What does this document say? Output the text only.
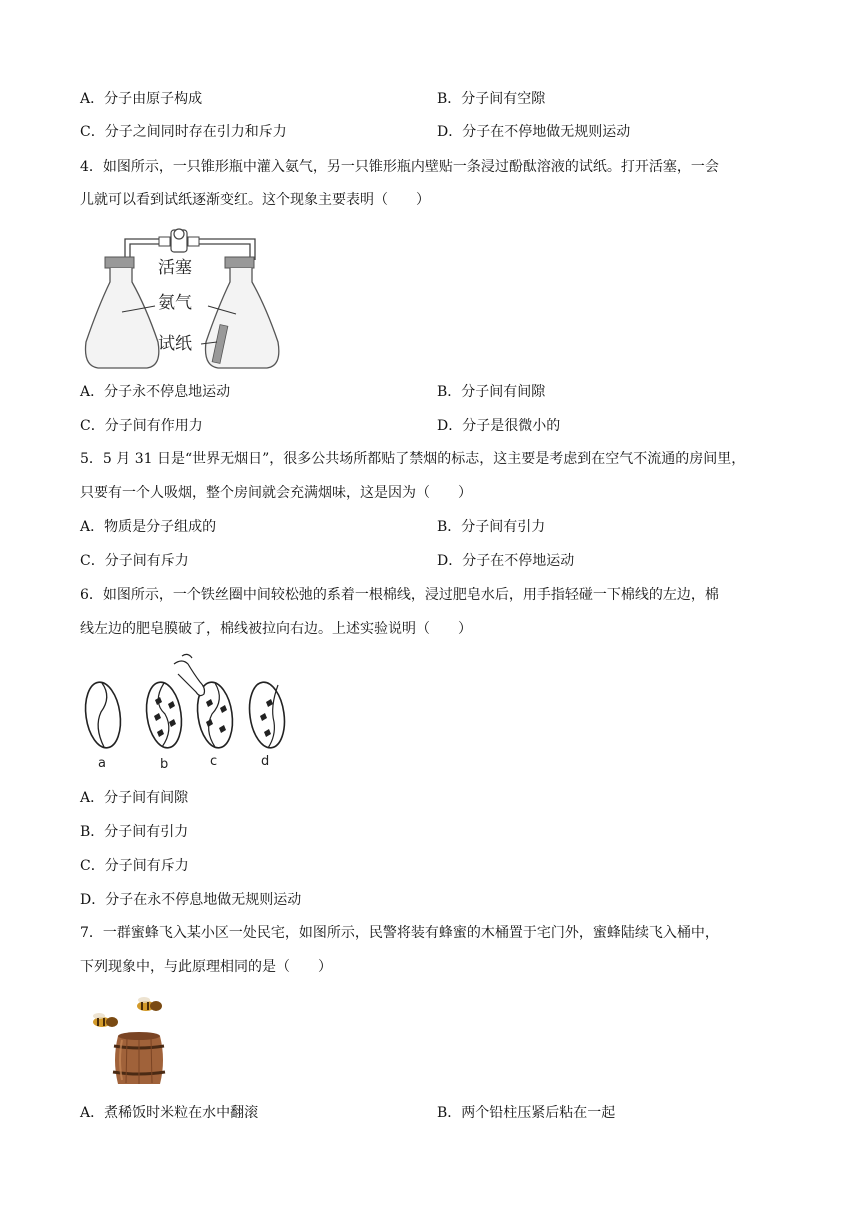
A．分子由原子构成	B．分子间有空隙
C．分子之间同时存在引力和斥力	D．分子在不停地做无规则运动
4．如图所示，一只锥形瓶中灌入氨气，另一只锥形瓶内壁贴一条浸过酚酞溶液的试纸。打开活塞，一会
儿就可以看到试纸逐渐变红。这个现象主要表明（　　）
活塞
氨气
试纸
A．分子永不停息地运动	B．分子间有间隙
C．分子间有作用力	D．分子是很微小的
5．5 月 31 日是“世界无烟日”，很多公共场所都贴了禁烟的标志，这主要是考虑到在空气不流通的房间里，
只要有一个人吸烟，整个房间就会充满烟味，这是因为（　　）
A．物质是分子组成的	B．分子间有引力
C．分子间有斥力	D．分子在不停地运动
6．如图所示，一个铁丝圈中间较松弛的系着一根棉线，浸过肥皂水后，用手指轻碰一下棉线的左边，棉
线左边的肥皂膜破了，棉线被拉向右边。上述实验说明（　　）
a	b	c	d
A．分子间有间隙
B．分子间有引力
C．分子间有斥力
D．分子在永不停息地做无规则运动
7．一群蜜蜂飞入某小区一处民宅，如图所示，民警将装有蜂蜜的木桶置于宅门外，蜜蜂陆续飞入桶中，
下列现象中，与此原理相同的是（　　）
A．煮稀饭时米粒在水中翻滚	B．两个铅柱压紧后粘在一起
